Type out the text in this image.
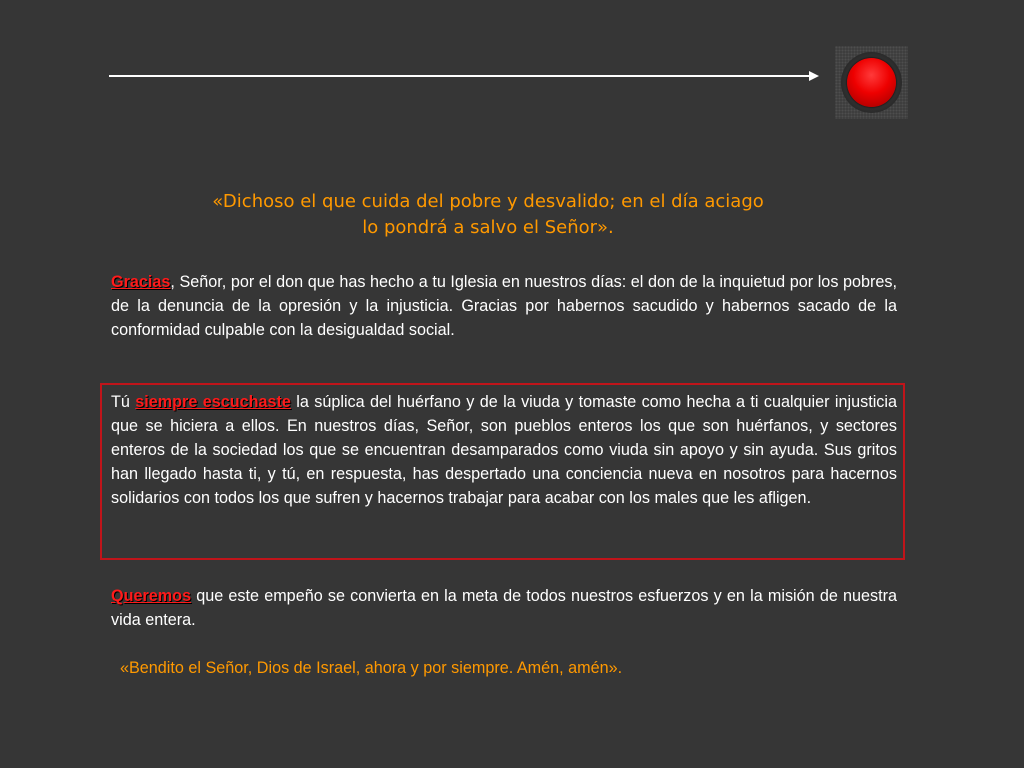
«Dichoso el que cuida del pobre y desvalido; en el día aciago
lo pondrá a salvo el Señor».

Gracias, Señor, por el don que has hecho a tu Iglesia en nuestros días: el don de la inquietud por los pobres, de la denuncia de la opresión y la injusticia. Gracias por habernos sacudido y habernos sacado de la conformidad culpable con la desigualdad social.

Tú siempre escuchaste la súplica del huérfano y de la viuda y tomaste como hecha a ti cualquier injusticia que se hiciera a ellos. En nuestros días, Señor, son pueblos enteros los que son huérfanos, y sectores enteros de la sociedad los que se encuentran desamparados como viuda sin apoyo y sin ayuda. Sus gritos han llegado hasta ti, y tú, en respuesta, has despertado una conciencia nueva en nosotros para hacernos solidarios con todos los que sufren y hacernos trabajar para acabar con los males que les afligen.

Queremos que este empeño se convierta en la meta de todos nuestros esfuerzos y en la misión de nuestra vida entera.

«Bendito el Señor, Dios de Israel, ahora y por siempre. Amén, amén».
